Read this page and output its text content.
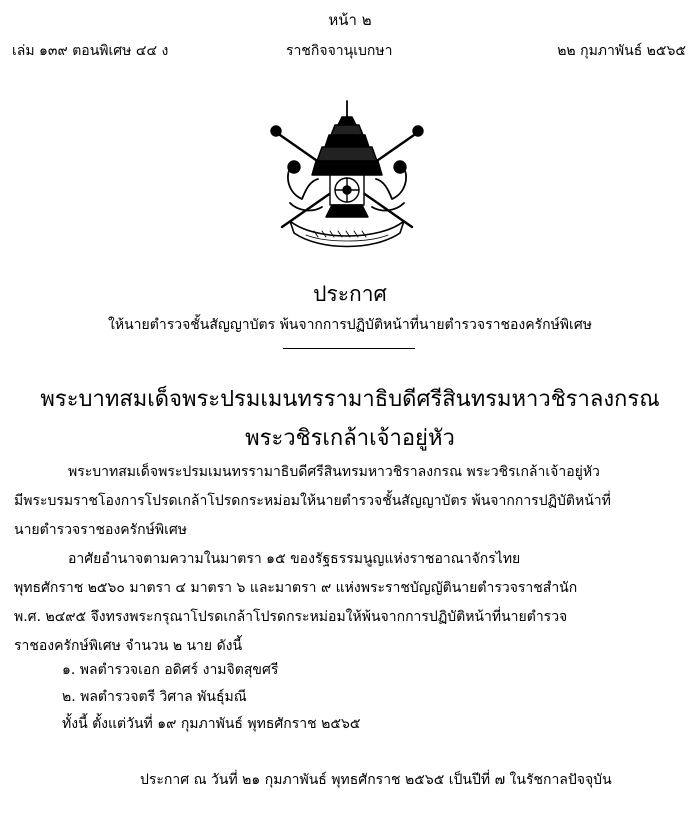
หน้า ๒
เล่ม ๑๓๙ ตอนพิเศษ ๔๔ ง	ราชกิจจานุเบกษา	๒๒ กุมภาพันธ์ ๒๕๖๕
ประกาศ
ให้นายตำรวจชั้นสัญญาบัตร พ้นจากการปฏิบัติหน้าที่นายตำรวจราชองครักษ์พิเศษ
พระบาทสมเด็จพระปรมเมนทรรามาธิบดีศรีสินทรมหาวชิราลงกรณ
พระวชิรเกล้าเจ้าอยู่หัว
พระบาทสมเด็จพระปรมเมนทรรามาธิบดีศรีสินทรมหาวชิราลงกรณ พระวชิรเกล้าเจ้าอยู่หัว
มีพระบรมราชโองการโปรดเกล้าโปรดกระหม่อมให้นายตำรวจชั้นสัญญาบัตร พ้นจากการปฏิบัติหน้าที่
นายตำรวจราชองครักษ์พิเศษ
อาศัยอำนาจตามความในมาตรา ๑๕ ของรัฐธรรมนูญแห่งราชอาณาจักรไทย
พุทธศักราช ๒๕๖๐ มาตรา ๔ มาตรา ๖ และมาตรา ๙ แห่งพระราชบัญญัตินายตำรวจราชสำนัก
พ.ศ. ๒๔๙๕ จึงทรงพระกรุณาโปรดเกล้าโปรดกระหม่อมให้พ้นจากการปฏิบัติหน้าที่นายตำรวจ
ราชองครักษ์พิเศษ จำนวน ๒ นาย ดังนี้
๑. พลตำรวจเอก อดิศร์ งามจิตสุขศรี
๒. พลตำรวจตรี วิศาล พันธุ์มณี
ทั้งนี้ ตั้งแต่วันที่ ๑๙ กุมภาพันธ์ พุทธศักราช ๒๕๖๕
ประกาศ ณ วันที่ ๒๑ กุมภาพันธ์ พุทธศักราช ๒๕๖๕ เป็นปีที่ ๗ ในรัชกาลปัจจุบัน
